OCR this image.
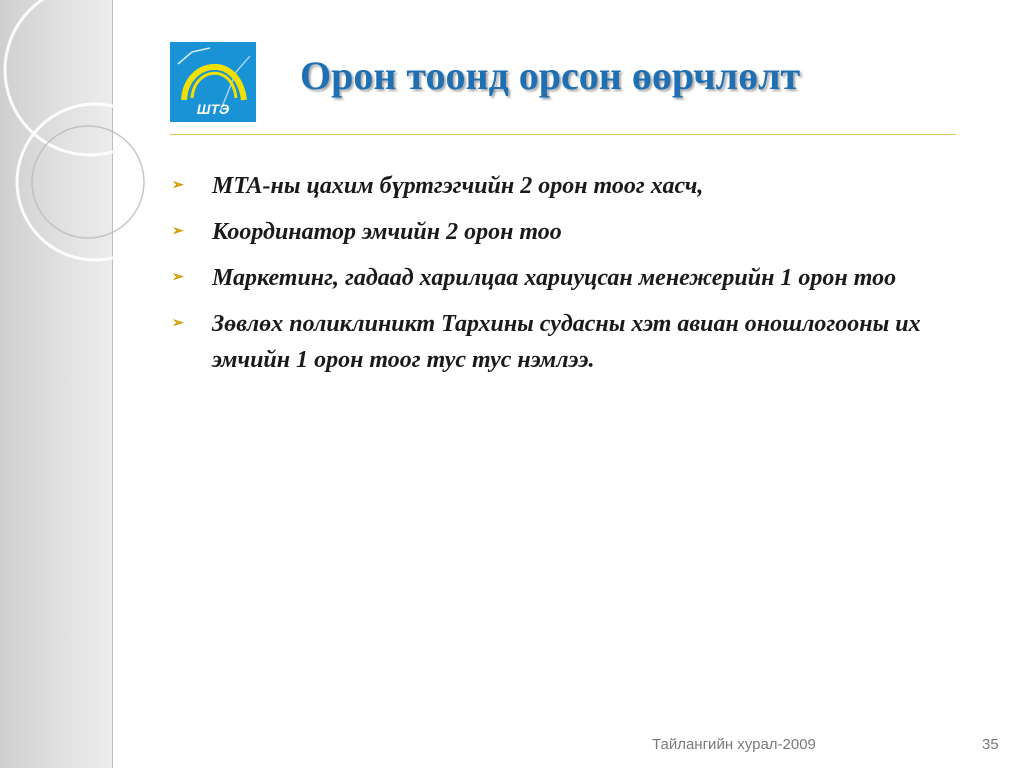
ШТЭ
Орон тоонд орсон өөрчлөлт
➢ МТА-ны цахим бүртгэгчийн 2 орон тоог хасч,
➢ Координатор эмчийн 2 орон тоо
➢ Маркетинг, гадаад харилцаа хариуцсан менежерийн 1 орон тоо
➢ Зөвлөх поликлиникт Тархины судасны хэт авиан оношлогооны их эмчийн 1 орон тоог тус тус нэмлээ.
Тайлангийн хурал-2009	35
